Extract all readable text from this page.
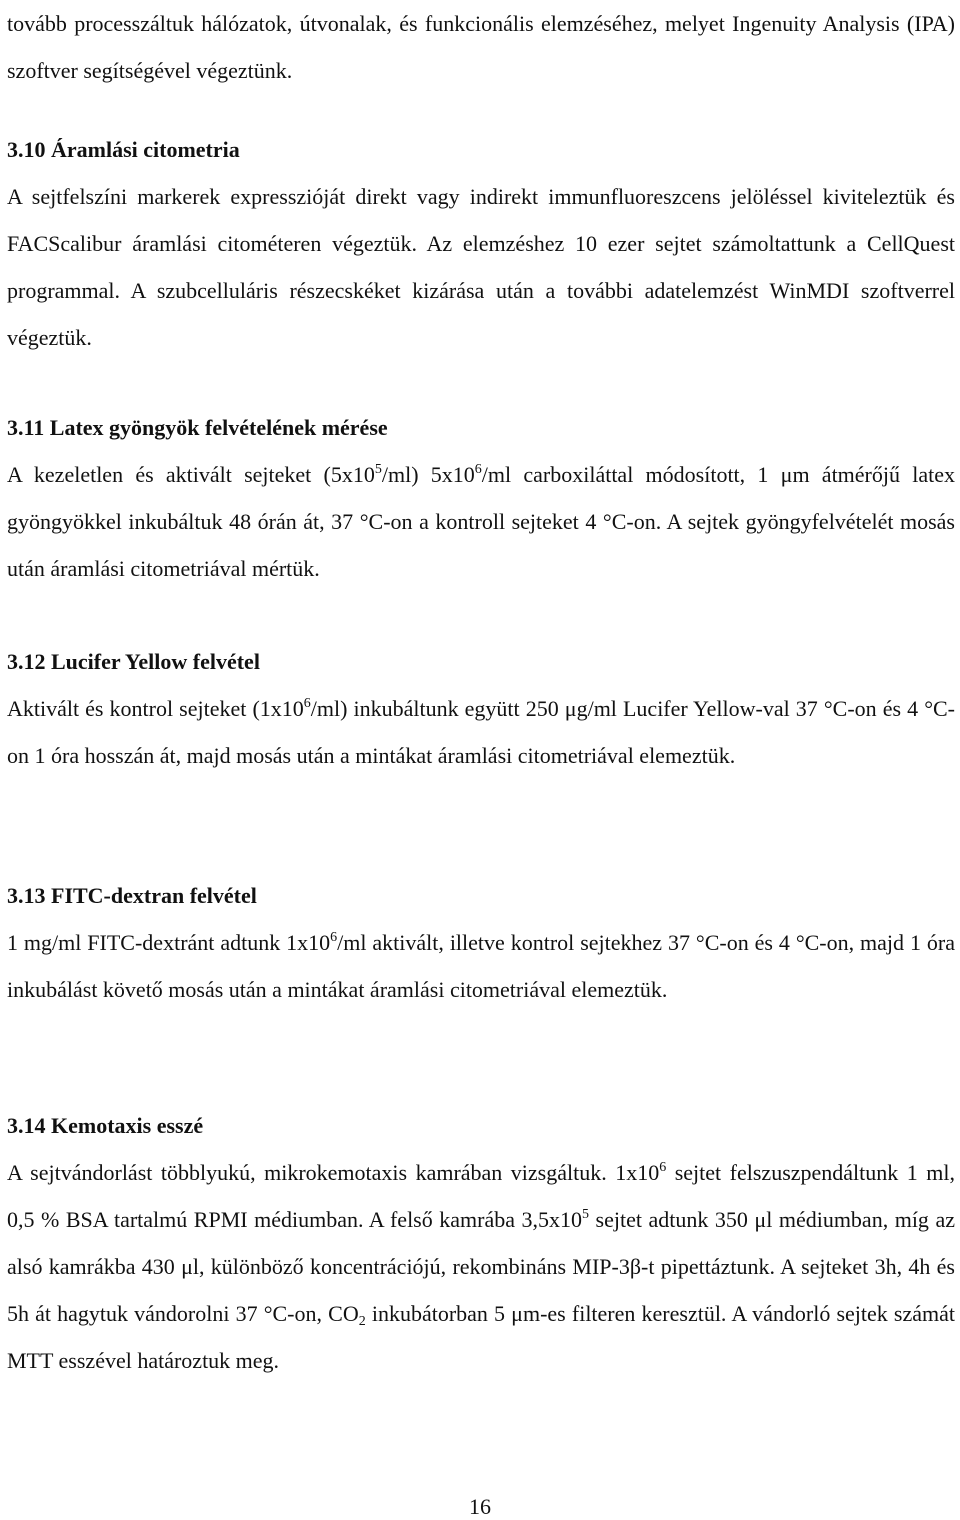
tovább processzáltuk hálózatok, útvonalak, és funkcionális elemzéséhez, melyet Ingenuity Analysis (IPA) szoftver segítségével végeztünk.

3.10 Áramlási citometria

A sejtfelszíni markerek expresszióját direkt vagy indirekt immunfluoreszcens jelöléssel kiviteleztük és FACScalibur áramlási citométeren végeztük. Az elemzéshez 10 ezer sejtet számoltattunk a CellQuest programmal. A szubcelluláris részecskéket kizárása után a további adatelemzést WinMDI szoftverrel végeztük.

3.11 Latex gyöngyök felvételének mérése

A kezeletlen és aktivált sejteket $(5x10^5/ml)$ $5x10^6/ml$ carboxiláttal módosított, 1 μm átmérőjű latex gyöngyökkel inkubáltuk 48 órán át, 37 °C-on a kontroll sejteket 4 °C-on. A sejtek gyöngyfelvételét mosás után áramlási citometriával mértük.

3.12 Lucifer Yellow felvétel

Aktivált és kontrol sejteket $(1x10^6/ml)$ inkubáltunk együtt 250 μg/ml Lucifer Yellow-val 37 °C-on és 4 °C-on 1 óra hosszán át, majd mosás után a mintákat áramlási citometriával elemeztük.

3.13 FITC-dextran felvétel

1 mg/ml FITC-dextránt adtunk $1x10^6/ml$ aktivált, illetve kontrol sejtekhez 37 °C-on és 4 °C-on, majd 1 óra inkubálást követő mosás után a mintákat áramlási citometriával elemeztük.

3.14 Kemotaxis esszé

A sejtvándorlást többlyukú, mikrokemotaxis kamrában vizsgáltuk. $1x10^6$ sejtet felszuszpendáltunk 1 ml, 0,5 % BSA tartalmú RPMI médiumban. A felső kamrába $3,5x10^5$ sejtet adtunk 350 μl médiumban, míg az alsó kamrákba 430 μl, különböző koncentrációjú, rekombináns MIP-3β-t pipettáztunk. A sejteket 3h, 4h és 5h át hagytuk vándorolni 37 °C-on, $CO_2$ inkubátorban 5 μm-es filteren keresztül. A vándorló sejtek számát MTT esszével határoztuk meg.

16
